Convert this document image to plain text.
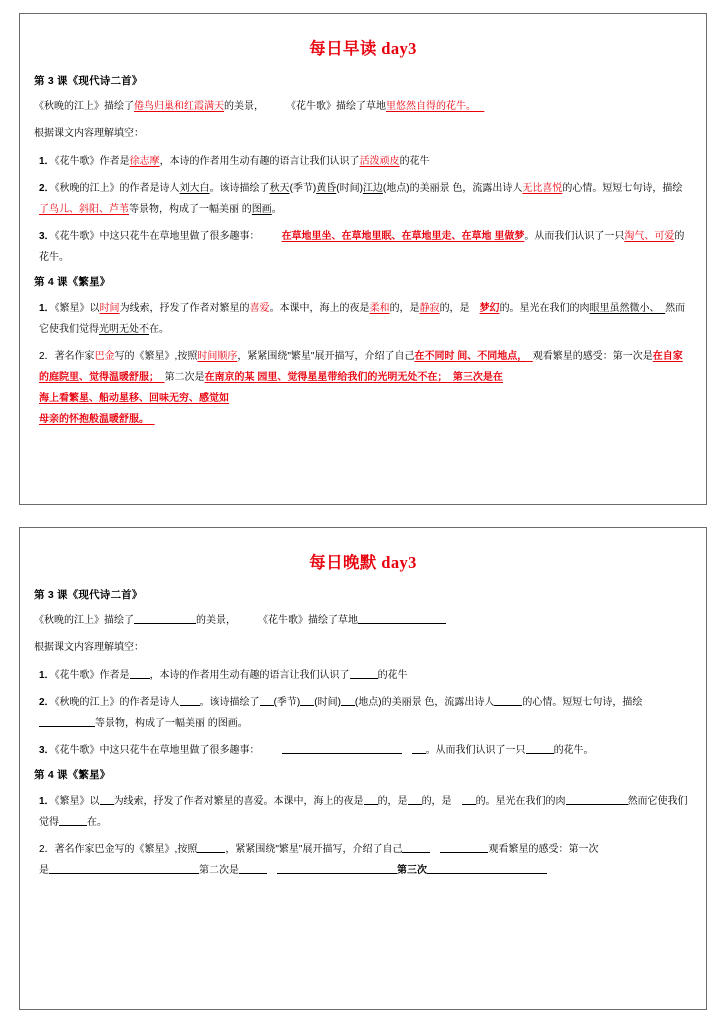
每日早读 day3
第 3 课《现代诗二首》
《秋晚的江上》描绘了倦鸟归巢和红霞满天的美景， 《花牛歌》描绘了草地里悠然自得的花牛。
根据课文内容理解填空：
1．《花牛歌》作者是徐志摩，本诗的作者用生动有趣的语言让我们认识了活泼顽皮的花牛
2．《秋晚的江上》的作者是诗人刘大白。该诗描绘了秋天(季节)黄昏(时间)江边(地点)的美丽景 色，流露出诗人无比喜悦的心情。短短七句诗，描绘了鸟儿、斜阳、芦苇等景物，构成了一幅美丽 的图画。
3．《花牛歌》中这只花牛在草地里做了很多趣事： 在草地里坐、在草地里眠、在草地里走、在草地 里做梦。从而我们认识了一只淘气、可爱的花牛。
第 4 课《繁星》
1．《繁星》以时间为线索，抒发了作者对繁星的喜爱。本课中，海上的夜是柔和的，是静寂的，是 梦幻的。星光在我们的肉眼里虽然微小、 然而它使我们觉得光明无处不在。
2．著名作家巴金写的《繁星》,按照时间顺序，紧紧围绕"繁星"展开描写，介绍了自己在不同时 间、不同地点， 观看繁星的感受：第一次是在自家的庭院里、觉得温暖舒服； 第二次是在南京的某 园里、觉得星星带给我们的光明无处不在； 第三次是在
海上看繁星、船动星移、回味无穷、感觉如
母亲的怀抱般温暖舒服。
每日晚默 day3
第 3 课《现代诗二首》
《秋晚的江上》描绘了	的美景， 《花牛歌》描绘了草地
根据课文内容理解填空：
1．《花牛歌》作者是 ，本诗的作者用生动有趣的语言让我们认识了	的花牛
2．《秋晚的江上》的作者是诗人 。该诗描绘了 (季节) (时间) (地点)的美丽景 色，流露出诗人	的心情。短短七句诗，描绘等景物，构成了一幅美丽 的图画。
3．《花牛歌》中这只花牛在草地里做了很多趣事：	。从而我们认识了一只	的花牛。
第 4 课《繁星》
1．《繁星》以 为线索，抒发了作者对繁星的喜爱。本课中，海上的夜是 的，是 的，是 的。星光在我们的肉	然而它使我们觉得	在。
2．著名作家巴金写的《繁星》,按照	，紧紧围绕"繁星"展开描写，介绍了自己	观看繁星的感受：第一次
是	第二次是	第三次
